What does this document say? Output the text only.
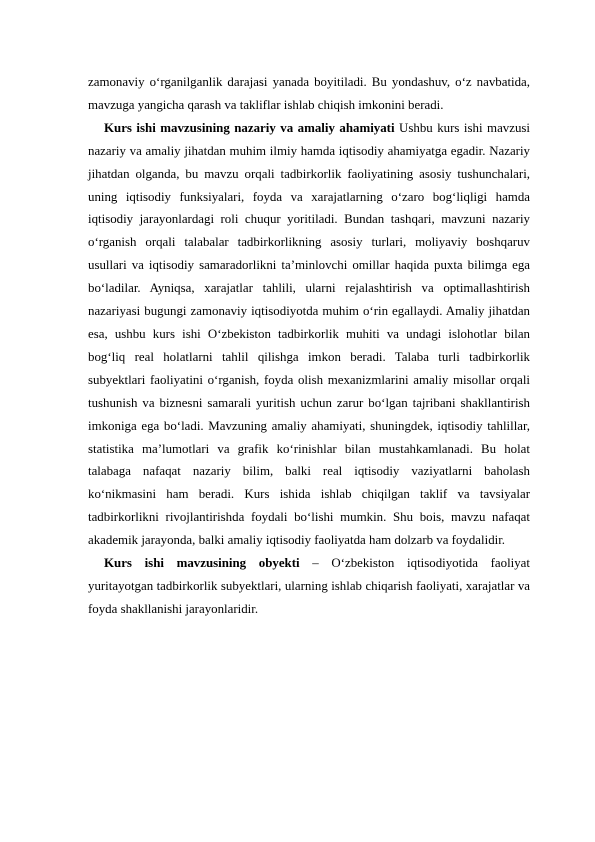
zamonaviy o‘rganilganlik darajasi yanada boyitiladi. Bu yondashuv, o‘z navbatida, mavzuga yangicha qarash va takliflar ishlab chiqish imkonini beradi.

Kurs ishi mavzusining nazariy va amaliy ahamiyati Ushbu kurs ishi mavzusi nazariy va amaliy jihatdan muhim ilmiy hamda iqtisodiy ahamiyatga egadir. Nazariy jihatdan olganda, bu mavzu orqali tadbirkorlik faoliyatining asosiy tushunchalari, uning iqtisodiy funksiyalari, foyda va xarajatlarning o‘zaro bog‘liqligi hamda iqtisodiy jarayonlardagi roli chuqur yoritiladi. Bundan tashqari, mavzuni nazariy o‘rganish orqali talabalar tadbirkorlikning asosiy turlari, moliyaviy boshqaruv usullari va iqtisodiy samaradorlikni ta’minlovchi omillar haqida puxta bilimga ega bo‘ladilar. Ayniqsa, xarajatlar tahlili, ularni rejalashtirish va optimallashtirish nazariyasi bugungi zamonaviy iqtisodiyotda muhim o‘rin egallaydi. Amaliy jihatdan esa, ushbu kurs ishi O‘zbekiston tadbirkorlik muhiti va undagi islohotlar bilan bog‘liq real holatlarni tahlil qilishga imkon beradi. Talaba turli tadbirkorlik subyektlari faoliyatini o‘rganish, foyda olish mexanizmlarini amaliy misollar orqali tushunish va biznesni samarali yuritish uchun zarur bo‘lgan tajribani shakllantirish imkoniga ega bo‘ladi. Mavzuning amaliy ahamiyati, shuningdek, iqtisodiy tahlillar, statistika ma’lumotlari va grafik ko‘rinishlar bilan mustahkamlanadi. Bu holat talabaga nafaqat nazariy bilim, balki real iqtisodiy vaziyatlarni baholash ko‘nikmasini ham beradi. Kurs ishida ishlab chiqilgan taklif va tavsiyalar tadbirkorlikni rivojlantirishda foydali bo‘lishi mumkin. Shu bois, mavzu nafaqat akademik jarayonda, balki amaliy iqtisodiy faoliyatda ham dolzarb va foydalidir.

Kurs ishi mavzusining obyekti – O‘zbekiston iqtisodiyotida faoliyat yuritayotgan tadbirkorlik subyektlari, ularning ishlab chiqarish faoliyati, xarajatlar va foyda shakllanishi jarayonlaridir.
